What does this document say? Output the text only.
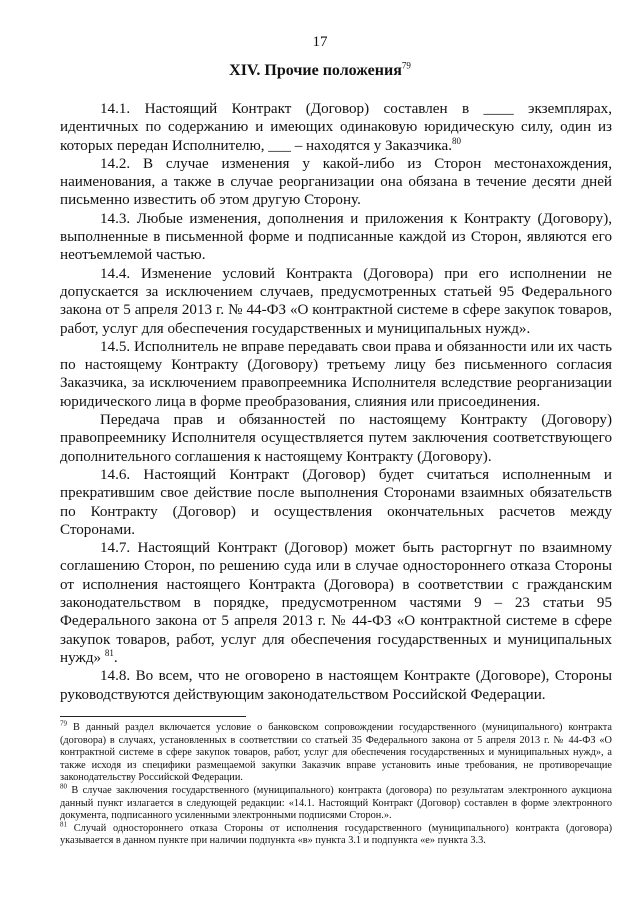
17
XIV. Прочие положения$^{79}$

14.1. Настоящий Контракт (Договор) составлен в ____ экземплярах, идентичных по содержанию и имеющих одинаковую юридическую силу, один из которых передан Исполнителю, ___ – находятся у Заказчика.$^{80}$

14.2. В случае изменения у какой-либо из Сторон местонахождения, наименования, а также в случае реорганизации она обязана в течение десяти дней письменно известить об этом другую Сторону.

14.3. Любые изменения, дополнения и приложения к Контракту (Договору), выполненные в письменной форме и подписанные каждой из Сторон, являются его неотъемлемой частью.

14.4. Изменение условий Контракта (Договора) при его исполнении не допускается за исключением случаев, предусмотренных статьей 95 Федерального закона от 5 апреля 2013 г. № 44-ФЗ «О контрактной системе в сфере закупок товаров, работ, услуг для обеспечения государственных и муниципальных нужд».

14.5. Исполнитель не вправе передавать свои права и обязанности или их часть по настоящему Контракту (Договору) третьему лицу без письменного согласия Заказчика, за исключением правопреемника Исполнителя вследствие реорганизации юридического лица в форме преобразования, слияния или присоединения.

Передача прав и обязанностей по настоящему Контракту (Договору) правопреемнику Исполнителя осуществляется путем заключения соответствующего дополнительного соглашения к настоящему Контракту (Договору).

14.6. Настоящий Контракт (Договор) будет считаться исполненным и прекратившим свое действие после выполнения Сторонами взаимных обязательств по Контракту (Договор) и осуществления окончательных расчетов между Сторонами.

14.7. Настоящий Контракт (Договор) может быть расторгнут по взаимному соглашению Сторон, по решению суда или в случае одностороннего отказа Стороны от исполнения настоящего Контракта (Договора) в соответствии с гражданским законодательством в порядке, предусмотренном частями 9 – 23 статьи 95 Федерального закона от 5 апреля 2013 г. № 44-ФЗ «О контрактной системе в сфере закупок товаров, работ, услуг для обеспечения государственных и муниципальных нужд» $^{81}$.

14.8. Во всем, что не оговорено в настоящем Контракте (Договоре), Стороны руководствуются действующим законодательством Российской Федерации.

$^{79}$ В данный раздел включается условие о банковском сопровождении государственного (муниципального) контракта (договора) в случаях, установленных в соответствии со статьей 35 Федерального закона от 5 апреля 2013 г. № 44-ФЗ «О контрактной системе в сфере закупок товаров, работ, услуг для обеспечения государственных и муниципальных нужд», а также исходя из специфики размещаемой закупки Заказчик вправе установить иные требования, не противоречащие законодательству Российской Федерации.

$^{80}$ В случае заключения государственного (муниципального) контракта (договора) по результатам электронного аукциона данный пункт излагается в следующей редакции: «14.1. Настоящий Контракт (Договор) составлен в форме электронного документа, подписанного усиленными электронными подписями Сторон.».

$^{81}$ Случай одностороннего отказа Стороны от исполнения государственного (муниципального) контракта (договора) указывается в данном пункте при наличии подпункта «в» пункта 3.1 и подпункта «е» пункта 3.3.
